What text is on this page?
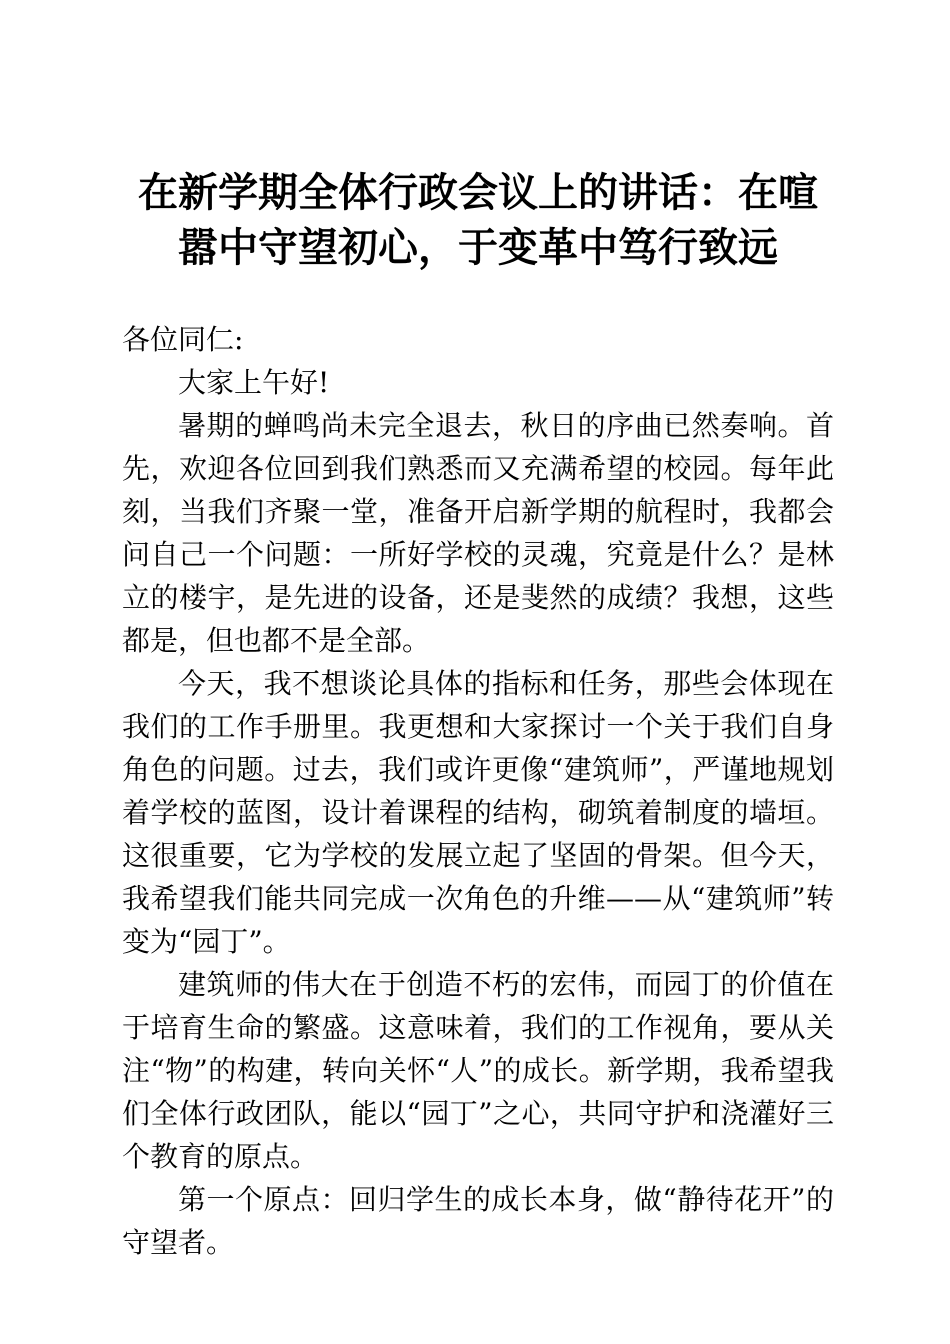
在新学期全体行政会议上的讲话：在喧嚣中守望初心，于变革中笃行致远

各位同仁:

大家上午好!

暑期的蝉鸣尚未完全退去，秋日的序曲已然奏响。首先，欢迎各位回到我们熟悉而又充满希望的校园。每年此刻，当我们齐聚一堂，准备开启新学期的航程时，我都会问自己一个问题：一所好学校的灵魂，究竟是什么？是林立的楼宇，是先进的设备，还是斐然的成绩？我想，这些都是，但也都不是全部。

今天，我不想谈论具体的指标和任务，那些会体现在我们的工作手册里。我更想和大家探讨一个关于我们自身角色的问题。过去，我们或许更像“建筑师”，严谨地规划着学校的蓝图，设计着课程的结构，砌筑着制度的墙垣。这很重要，它为学校的发展立起了坚固的骨架。但今天，我希望我们能共同完成一次角色的升维——从“建筑师”转变为“园丁”。

建筑师的伟大在于创造不朽的宏伟，而园丁的价值在于培育生命的繁盛。这意味着，我们的工作视角，要从关注“物”的构建，转向关怀“人”的成长。新学期，我希望我们全体行政团队，能以“园丁”之心，共同守护和浇灌好三个教育的原点。

第一个原点：回归学生的成长本身，做“静待花开”的守望者。
